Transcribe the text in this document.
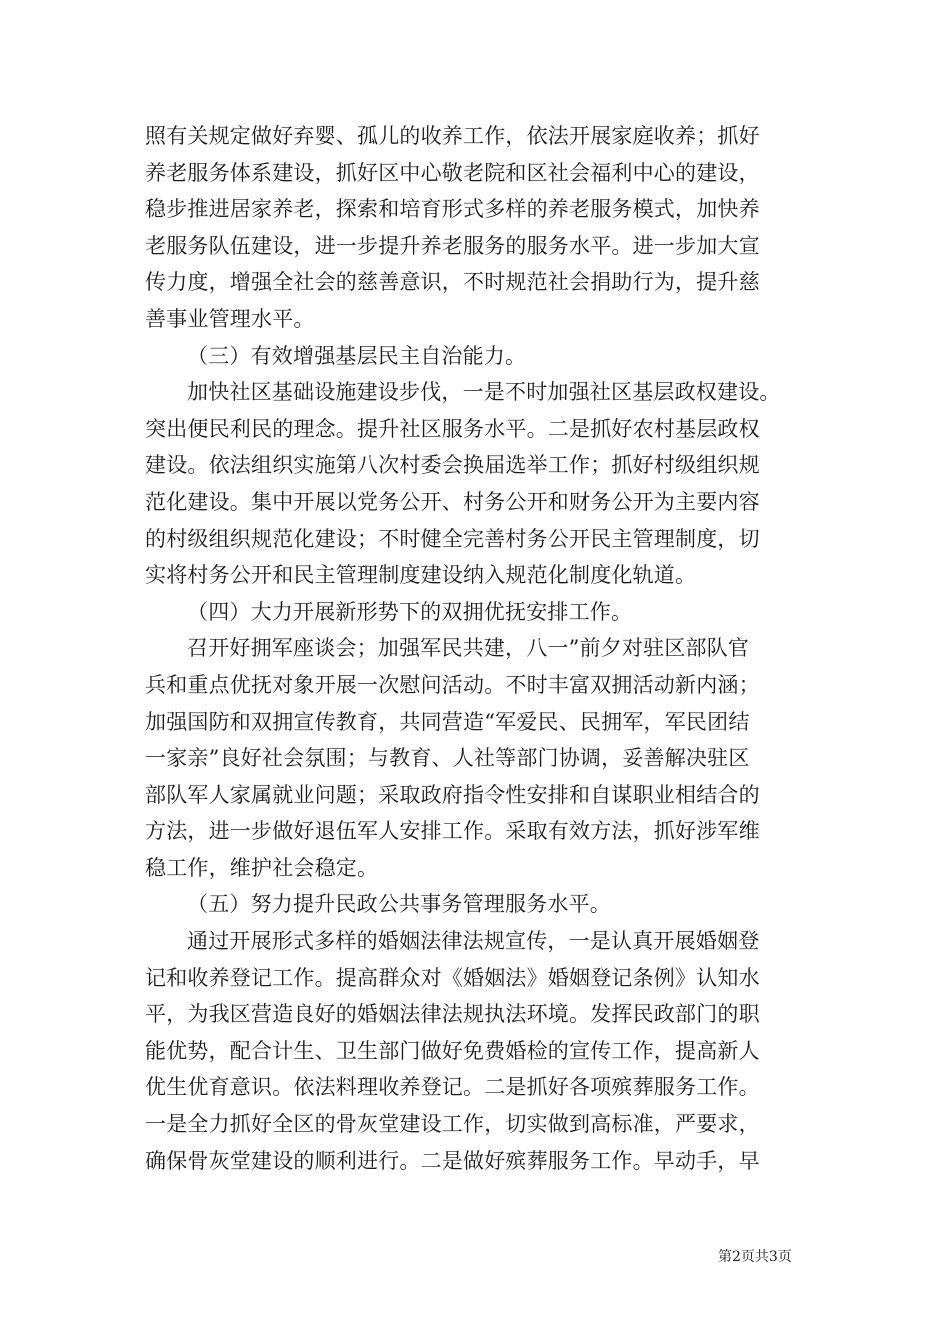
照有关规定做好弃婴、孤儿的收养工作，依法开展家庭收养；抓好
养老服务体系建设，抓好区中心敬老院和区社会福利中心的建设，
稳步推进居家养老，探索和培育形式多样的养老服务模式，加快养
老服务队伍建设，进一步提升养老服务的服务水平。进一步加大宣
传力度，增强全社会的慈善意识，不时规范社会捐助行为，提升慈
善事业管理水平。
（三）有效增强基层民主自治能力。
加快社区基础设施建设步伐，一是不时加强社区基层政权建设。
突出便民利民的理念。提升社区服务水平。二是抓好农村基层政权
建设。依法组织实施第八次村委会换届选举工作；抓好村级组织规
范化建设。集中开展以党务公开、村务公开和财务公开为主要内容
的村级组织规范化建设；不时健全完善村务公开民主管理制度，切
实将村务公开和民主管理制度建设纳入规范化制度化轨道。
（四）大力开展新形势下的双拥优抚安排工作。
召开好拥军座谈会；加强军民共建，八一”前夕对驻区部队官
兵和重点优抚对象开展一次慰问活动。不时丰富双拥活动新内涵；
加强国防和双拥宣传教育，共同营造“军爱民、民拥军，军民团结
一家亲”良好社会氛围；与教育、人社等部门协调，妥善解决驻区
部队军人家属就业问题；采取政府指令性安排和自谋职业相结合的
方法，进一步做好退伍军人安排工作。采取有效方法，抓好涉军维
稳工作，维护社会稳定。
（五）努力提升民政公共事务管理服务水平。
通过开展形式多样的婚姻法律法规宣传，一是认真开展婚姻登
记和收养登记工作。提高群众对《婚姻法》婚姻登记条例》认知水
平，为我区营造良好的婚姻法律法规执法环境。发挥民政部门的职
能优势，配合计生、卫生部门做好免费婚检的宣传工作，提高新人
优生优育意识。依法料理收养登记。二是抓好各项殡葬服务工作。
一是全力抓好全区的骨灰堂建设工作，切实做到高标准，严要求，
确保骨灰堂建设的顺利进行。二是做好殡葬服务工作。早动手，早
第2页共3页
